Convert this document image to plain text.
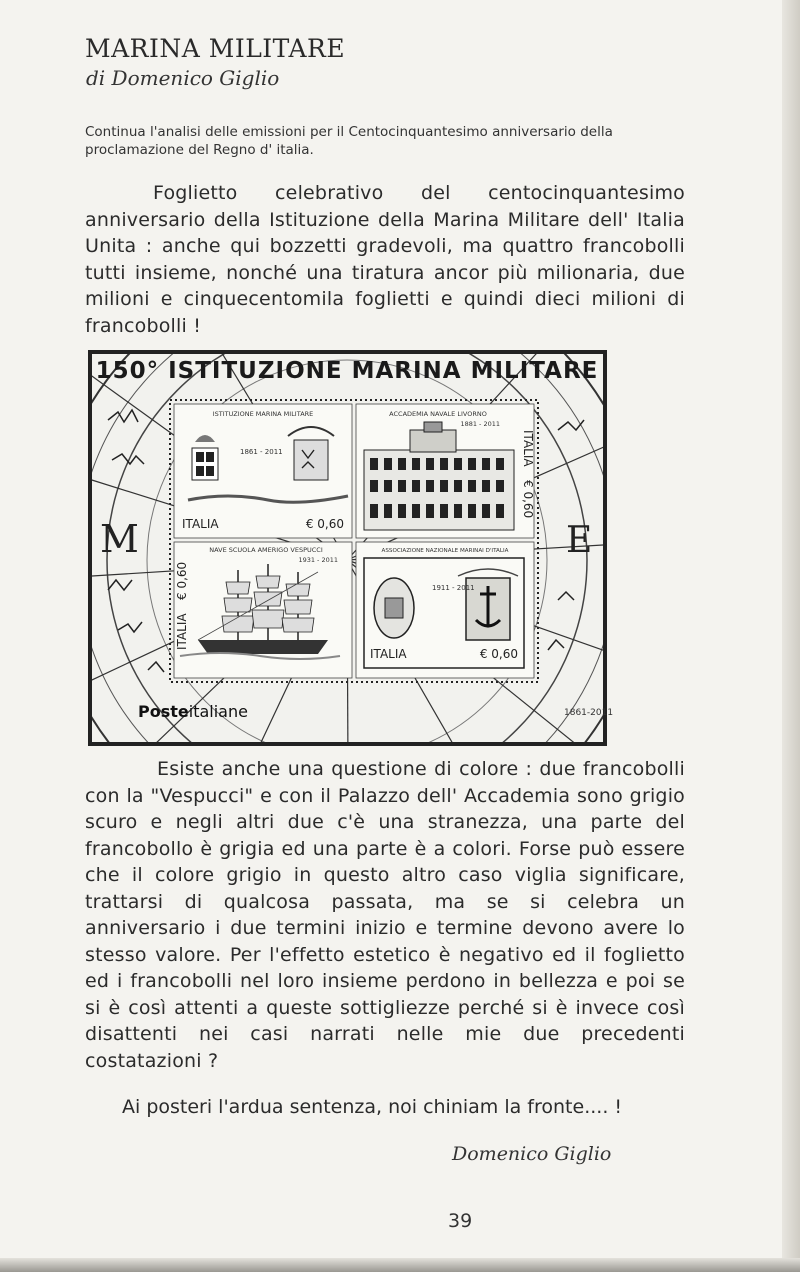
MARINA MILITARE
di Domenico Giglio
Continua l'analisi delle emissioni per il Centocinquantesimo anniversario della proclamazione del Regno d' italia.
Foglietto celebrativo del centocinquantesimo anniversario della Istituzione della Marina Militare dell' Italia Unita : anche qui bozzetti gradevoli, ma quattro francobolli tutti insieme, nonché una tiratura ancor più milionaria, due milioni e cinquecentomila foglietti e quindi dieci milioni di francobolli !
M	E
150° ISTITUZIONE MARINA MILITARE
ISTITUZIONE MARINA MILITARE
1861 - 2011
ITALIA	€ 0,60
ACCADEMIA NAVALE LIVORNO
1881 - 2011
ITALIA
€ 0,60
NAVE SCUOLA AMERIGO VESPUCCI
1931 - 2011
ITALIA
€ 0,60
ASSOCIAZIONE NAZIONALE MARINAI D'ITALIA
1911 - 2011
ITALIA	€ 0,60
Posteitaliane	1861-2011
Esiste anche una questione di colore : due francobolli con la "Vespucci" e con il Palazzo dell' Accademia sono grigio scuro e negli altri due c'è una stranezza, una parte del francobollo è grigia ed una parte è a colori. Forse può essere che il colore grigio in questo altro caso viglia significare, trattarsi di qualcosa passata, ma se si celebra un anniversario i due termini inizio e termine devono avere lo stesso valore. Per l'effetto estetico è negativo ed il foglietto ed i francobolli nel loro insieme perdono in bellezza e poi se si è così attenti a queste sottigliezze perché si è invece così disattenti nei casi narrati nelle mie due precedenti costatazioni ?
Ai posteri l'ardua sentenza, noi chiniam la fronte.... !
Domenico Giglio
39
